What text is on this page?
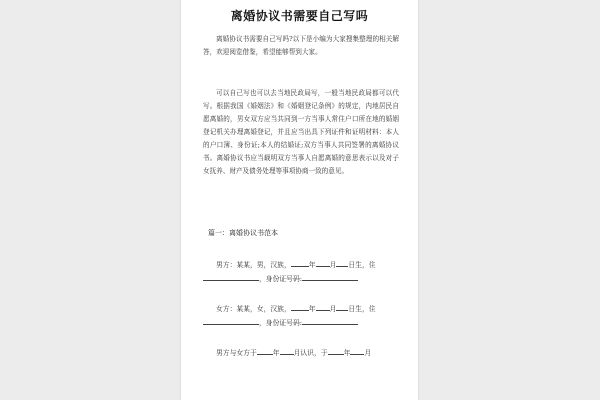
离婚协议书需要自己写吗

离婚协议书需要自己写吗?以下是小编为大家搜集整理的相关解答，欢迎阅览借鉴，希望能够帮到大家。

可以自己写也可以去当地民政局写，一般当地民政局都可以代写。根据我国《婚姻法》和《婚姻登记条例》的规定，内地居民自愿离婚的，男女双方应当共同到一方当事人常住户口所在地的婚姻登记机关办理离婚登记，并且应当出具下列证件和证明材料：本人的户口簿、身份证;本人的结婚证;双方当事人共同签署的离婚协议书。离婚协议书应当载明双方当事人自愿离婚的意思表示以及对子女抚养、财产及债务处理等事项协商一致的意见。

篇一：离婚协议书范本
男方：某某，男，汉族，	年 月 日生，住
，身份证号码:
女方：某某，女，汉族，	年 月 日生，住
，身份证号码:
男方与女方于 年 月认识，于 年 月
